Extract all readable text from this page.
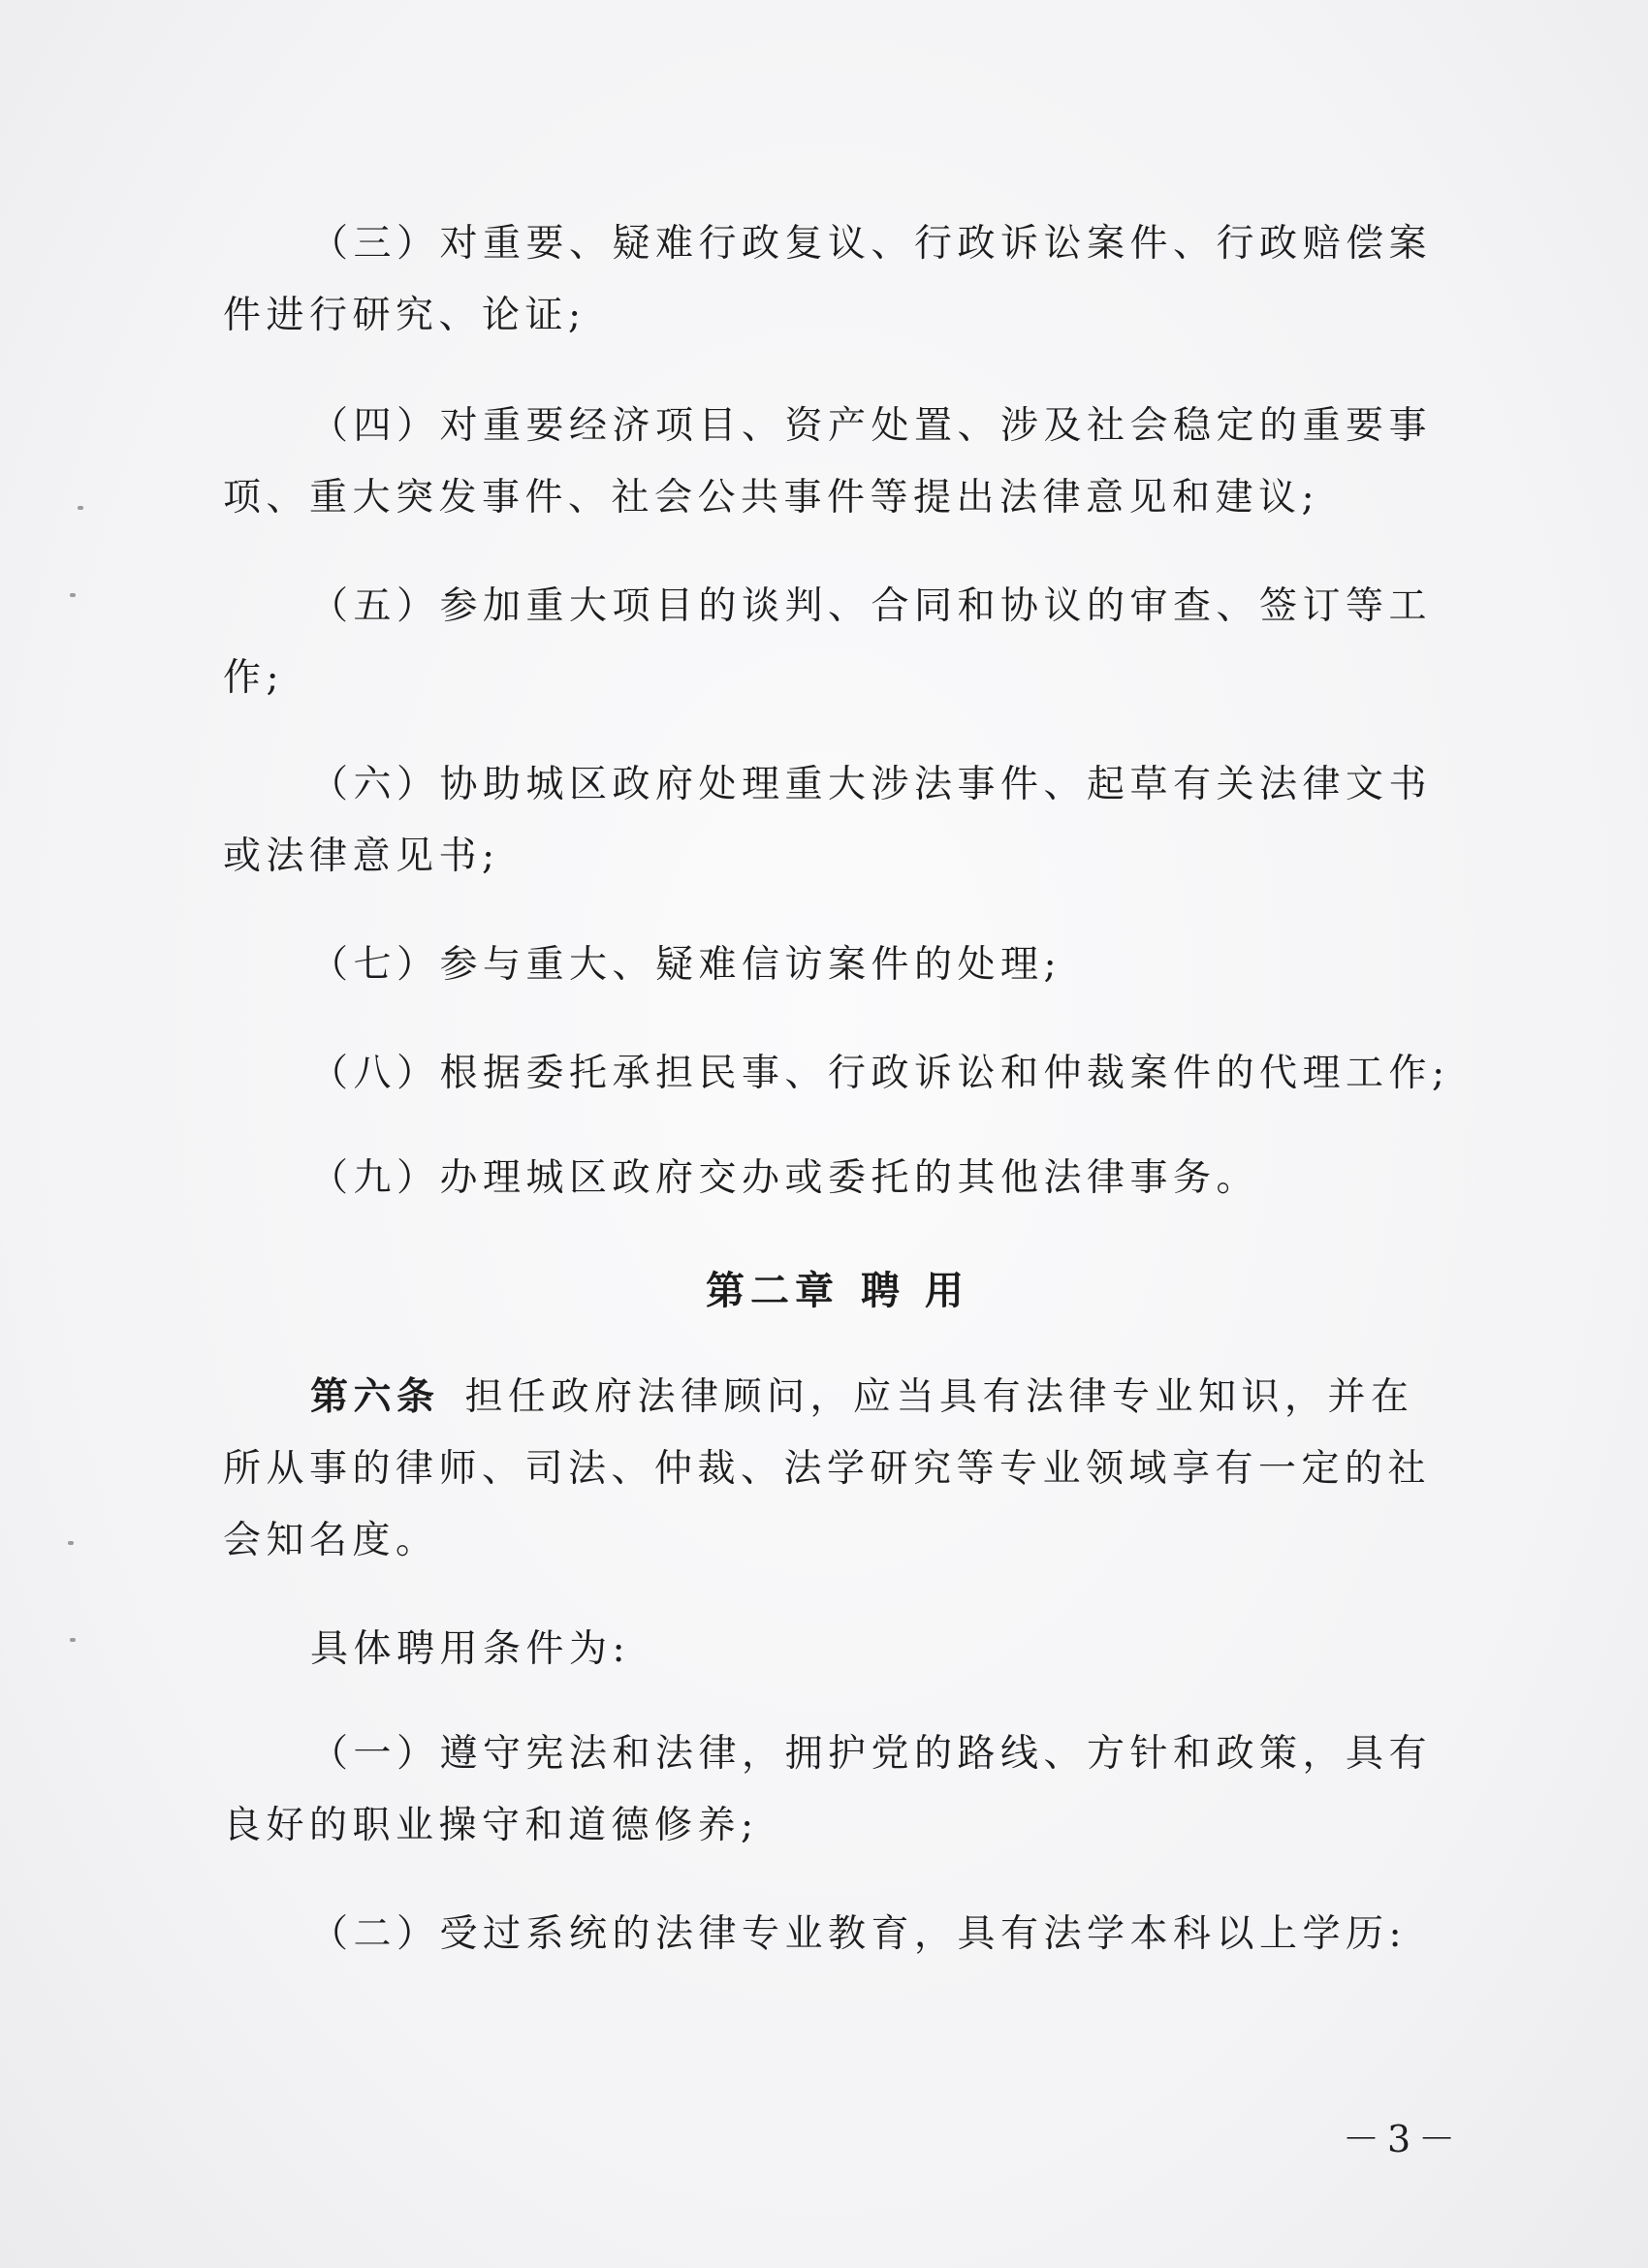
（三）对重要、疑难行政复议、行政诉讼案件、行政赔偿案
件进行研究、论证;
（四）对重要经济项目、资产处置、涉及社会稳定的重要事
项、重大突发事件、社会公共事件等提出法律意见和建议;
（五）参加重大项目的谈判、合同和协议的审查、签订等工
作;
（六）协助城区政府处理重大涉法事件、起草有关法律文书
或法律意见书;
（七）参与重大、疑难信访案件的处理;
（八）根据委托承担民事、行政诉讼和仲裁案件的代理工作;
（九）办理城区政府交办或委托的其他法律事务。
第二章 聘 用
第六条 担任政府法律顾问，应当具有法律专业知识，并在
所从事的律师、司法、仲裁、法学研究等专业领域享有一定的社
会知名度。
具体聘用条件为:
（一）遵守宪法和法律，拥护党的路线、方针和政策，具有
良好的职业操守和道德修养;
（二）受过系统的法律专业教育，具有法学本科以上学历:
－3－
